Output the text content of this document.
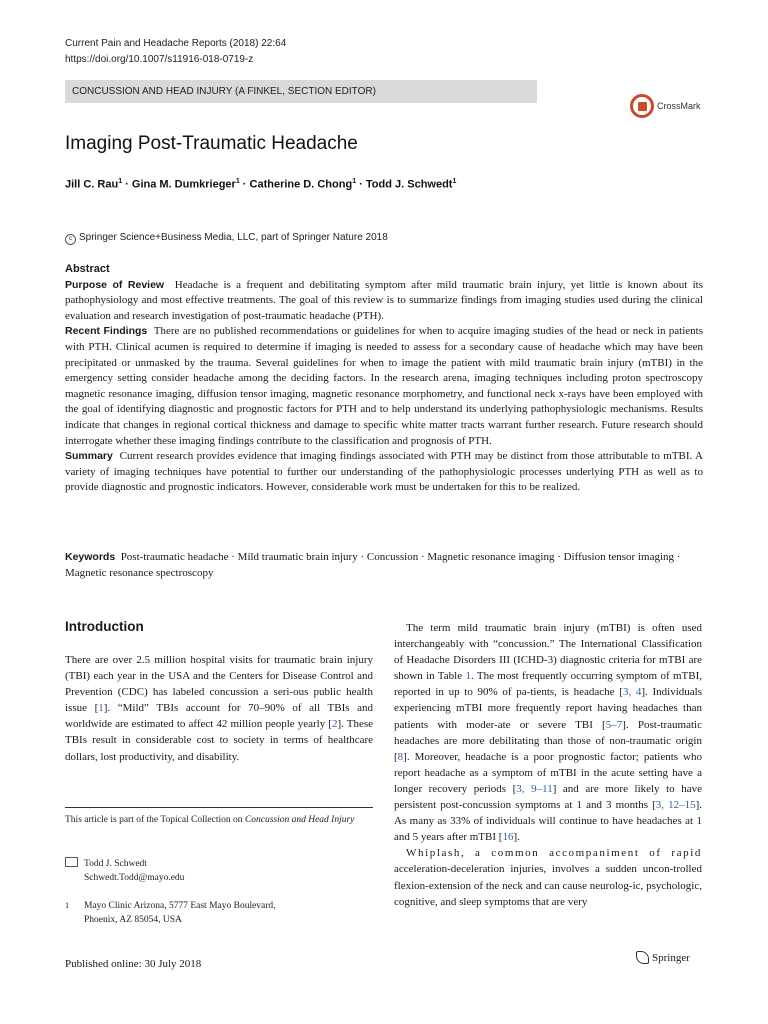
Current Pain and Headache Reports (2018) 22:64
https://doi.org/10.1007/s11916-018-0719-z
CONCUSSION AND HEAD INJURY (A FINKEL, SECTION EDITOR)
CrossMark
Imaging Post-Traumatic Headache
Jill C. Rau$^1$ · Gina M. Dumkrieger$^1$ · Catherine D. Chong$^1$ · Todd J. Schwedt$^1$
c Springer Science+Business Media, LLC, part of Springer Nature 2018
Abstract

Purpose of Review Headache is a frequent and debilitating symptom after mild traumatic brain injury, yet little is known about its pathophysiology and most effective treatments. The goal of this review is to summarize findings from imaging studies used during the clinical evaluation and research investigation of post-traumatic headache (PTH).

Recent Findings There are no published recommendations or guidelines for when to acquire imaging studies of the head or neck in patients with PTH. Clinical acumen is required to determine if imaging is needed to assess for a secondary cause of headache which may have been precipitated or unmasked by the trauma. Several guidelines for when to image the patient with mild traumatic brain injury (mTBI) in the emergency setting consider headache among the deciding factors. In the research arena, imaging techniques including proton spectroscopy magnetic resonance imaging, diffusion tensor imaging, magnetic resonance morphometry, and functional neck x-rays have been employed with the goal of identifying diagnostic and prognostic factors for PTH and to help understand its underlying pathophysiologic mechanisms. Results indicate that changes in regional cortical thickness and damage to specific white matter tracts warrant further research. Future research should interrogate whether these imaging findings contribute to the classification and prognosis of PTH.

Summary Current research provides evidence that imaging findings associated with PTH may be distinct from those attributable to mTBI. A variety of imaging techniques have potential to further our understanding of the pathophysiologic processes underlying PTH as well as to provide diagnostic and prognostic indicators. However, considerable work must be undertaken for this to be realized.

Keywords Post-traumatic headache · Mild traumatic brain injury · Concussion · Magnetic resonance imaging · Diffusion tensor imaging · Magnetic resonance spectroscopy
Introduction
There are over 2.5 million hospital visits for traumatic brain injury (TBI) each year in the USA and the Centers for Disease Control and Prevention (CDC) has labeled concussion a seri-ous public health issue [1]. “Mild” TBIs account for 70–90% of all TBIs and worldwide are estimated to affect 42 million people yearly [2]. These TBIs result in considerable cost to society in terms of healthcare dollars, lost productivity, and disability.
This article is part of the Topical Collection on Concussion and Head Injury
Todd J. Schwedt
Schwedt.Todd@mayo.edu
1	Mayo Clinic Arizona, 5777 East Mayo Boulevard,
Phoenix, AZ 85054, USA
The term mild traumatic brain injury (mTBI) is often used interchangeably with “concussion.” The International Classification of Headache Disorders III (ICHD-3) diagnostic criteria for mTBI are shown in Table 1. The most frequently occurring symptom of mTBI, reported in up to 90% of pa-tients, is headache [3, 4]. Individuals experiencing mTBI more frequently report having headaches than patients with moder-ate or severe TBI [5–7]. Post-traumatic headaches are more debilitating than those of non-traumatic origin [8]. Moreover, headache is a poor prognostic factor; patients who report headache as a symptom of mTBI in the acute setting have a longer recovery periods [3, 9–11] and are more likely to have persistent post-concussion symptoms at 1 and 3 months [3, 12–15]. As many as 33% of individuals will continue to have headaches at 1 and 5 years after mTBI [16].
Whiplash, a common accompaniment of rapid acceleration-deceleration injuries, involves a sudden uncon-trolled flexion-extension of the neck and can cause neurolog-ic, psychologic, cognitive, and sleep symptoms that are very
Published online: 30 July 2018
Springer
